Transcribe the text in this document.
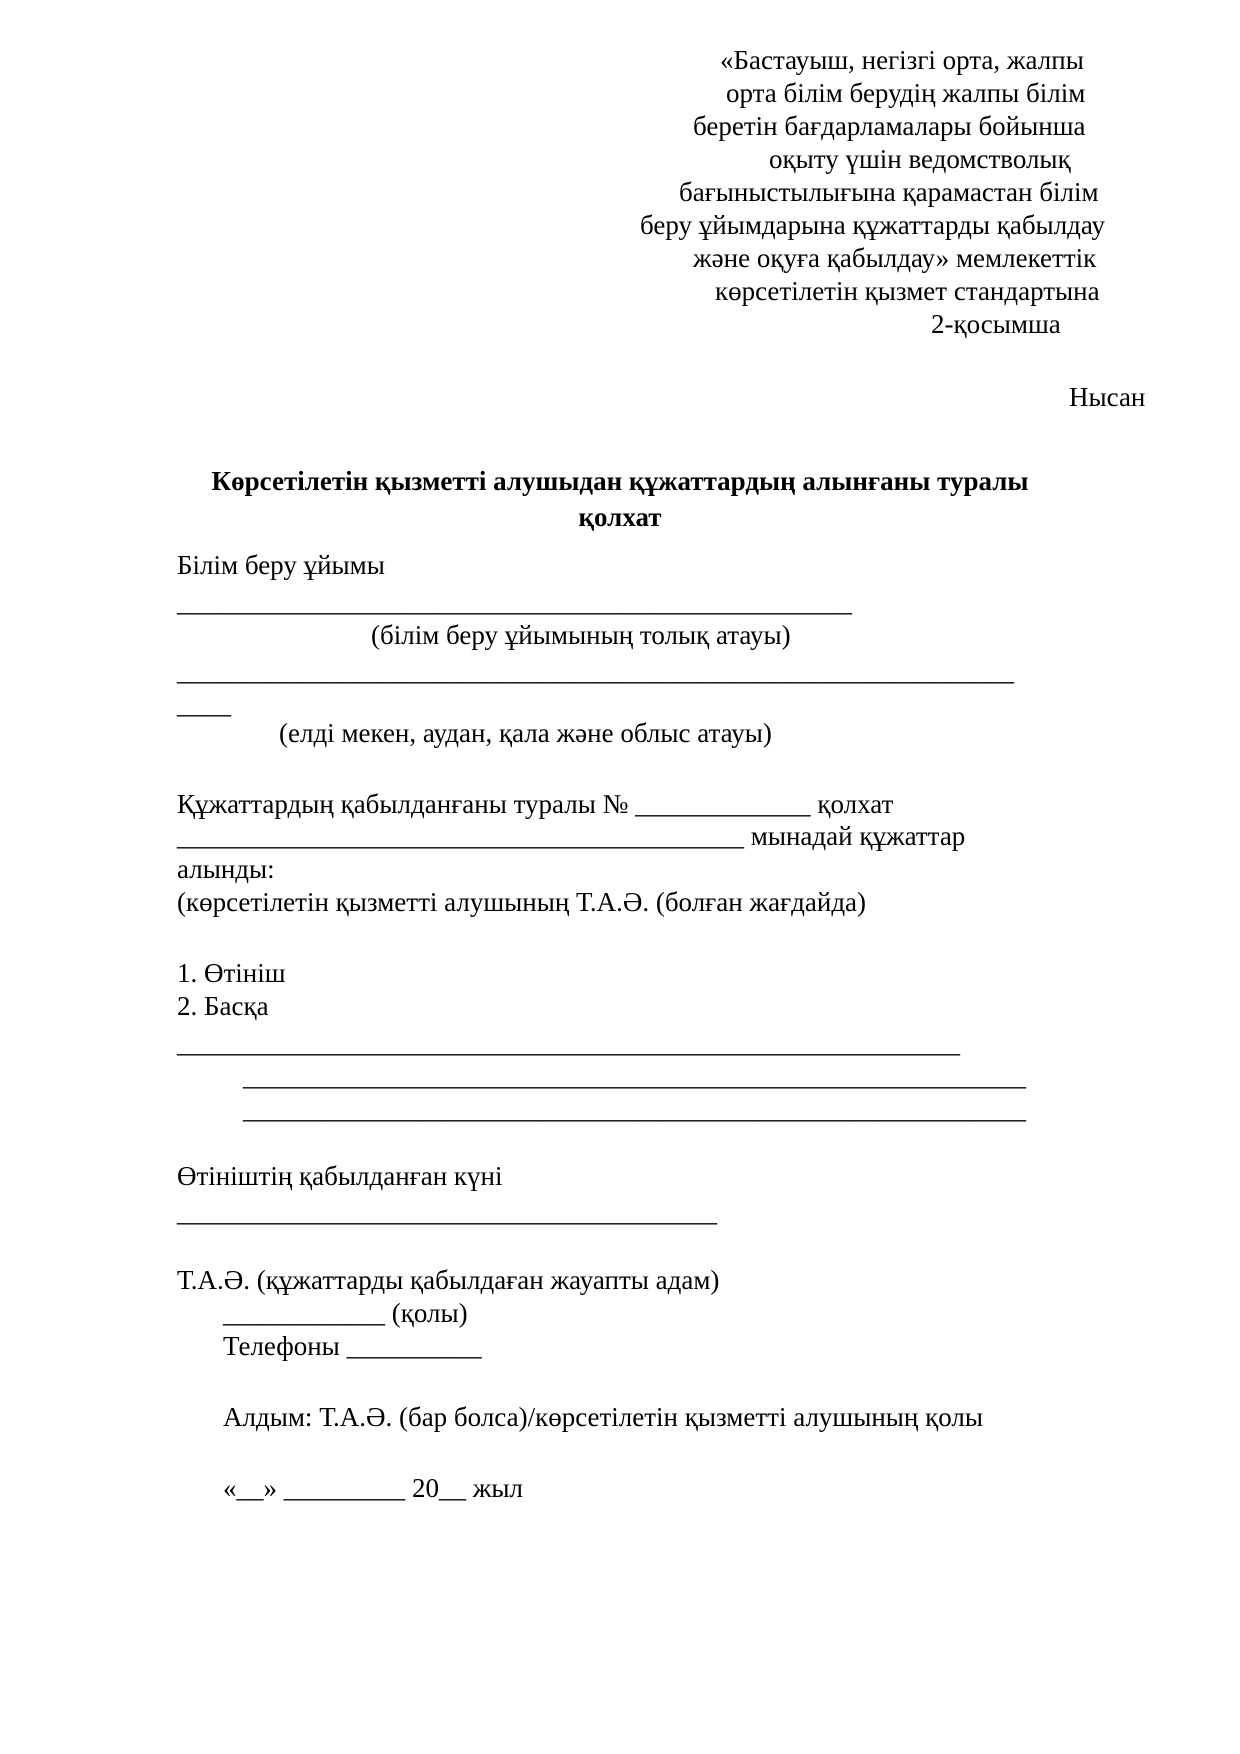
«Бастауыш, негізгі орта, жалпы
орта білім берудің жалпы білім
беретін бағдарламалары бойынша
оқыту үшін ведомстволық
бағыныстылығына қарамастан білім
беру ұйымдарына құжаттарды қабылдау
және оқуға қабылдау» мемлекеттік
көрсетілетін қызмет стандартына
2-қосымша
Нысан
Көрсетілетін қызметті алушыдан құжаттардың алынғаны туралы
қолхат
Білім беру ұйымы
__________________________________________________
(білім беру ұйымының толық атауы)
______________________________________________________________
____
(елді мекен, аудан, қала және облыс атауы)
Құжаттардың қабылданғаны туралы № _____________ қолхат
__________________________________________ мынадай құжаттар
алынды:
(көрсетілетін қызметті алушының Т.А.Ә. (болған жағдайда)
1. Өтініш
2. Басқа
__________________________________________________________
__________________________________________________________
__________________________________________________________
Өтініштің қабылданған күні
________________________________________
Т.А.Ә. (құжаттарды қабылдаған жауапты адам)
____________ (қолы)
Телефоны __________
Алдым: Т.А.Ә. (бар болса)/көрсетілетін қызметті алушының қолы
«__» _________ 20__ жыл
